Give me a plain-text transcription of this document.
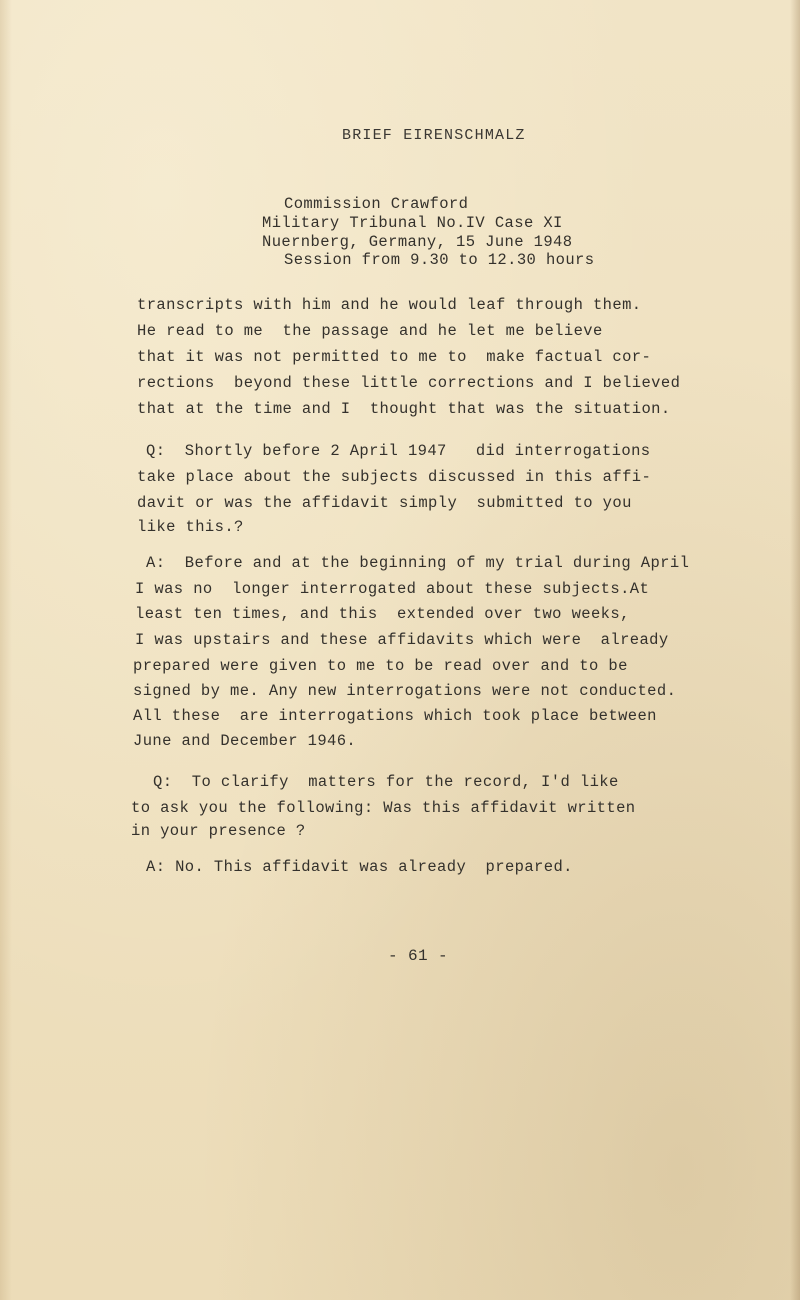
BRIEF EIRENSCHMALZ
Commission Crawford
Military Tribunal No.IV Case XI
Nuernberg, Germany, 15 June 1948
Session from 9.30 to 12.30 hours
transcripts with him and he would leaf through them.
He read to me  the passage and he let me believe
that it was not permitted to me to  make factual cor-
rections  beyond these little corrections and I believed
that at the time and I  thought that was the situation.
Q:  Shortly before 2 April 1947   did interrogations
take place about the subjects discussed in this affi-
davit or was the affidavit simply  submitted to you
like this.?
A:  Before and at the beginning of my trial during April
I was no  longer interrogated about these subjects.At
least ten times, and this  extended over two weeks,
I was upstairs and these affidavits which were  already
prepared were given to me to be read over and to be
signed by me. Any new interrogations were not conducted.
All these  are interrogations which took place between
June and December 1946.
Q:  To clarify  matters for the record, I'd like
to ask you the following: Was this affidavit written
in your presence ?
A: No. This affidavit was already  prepared.
- 61 -
